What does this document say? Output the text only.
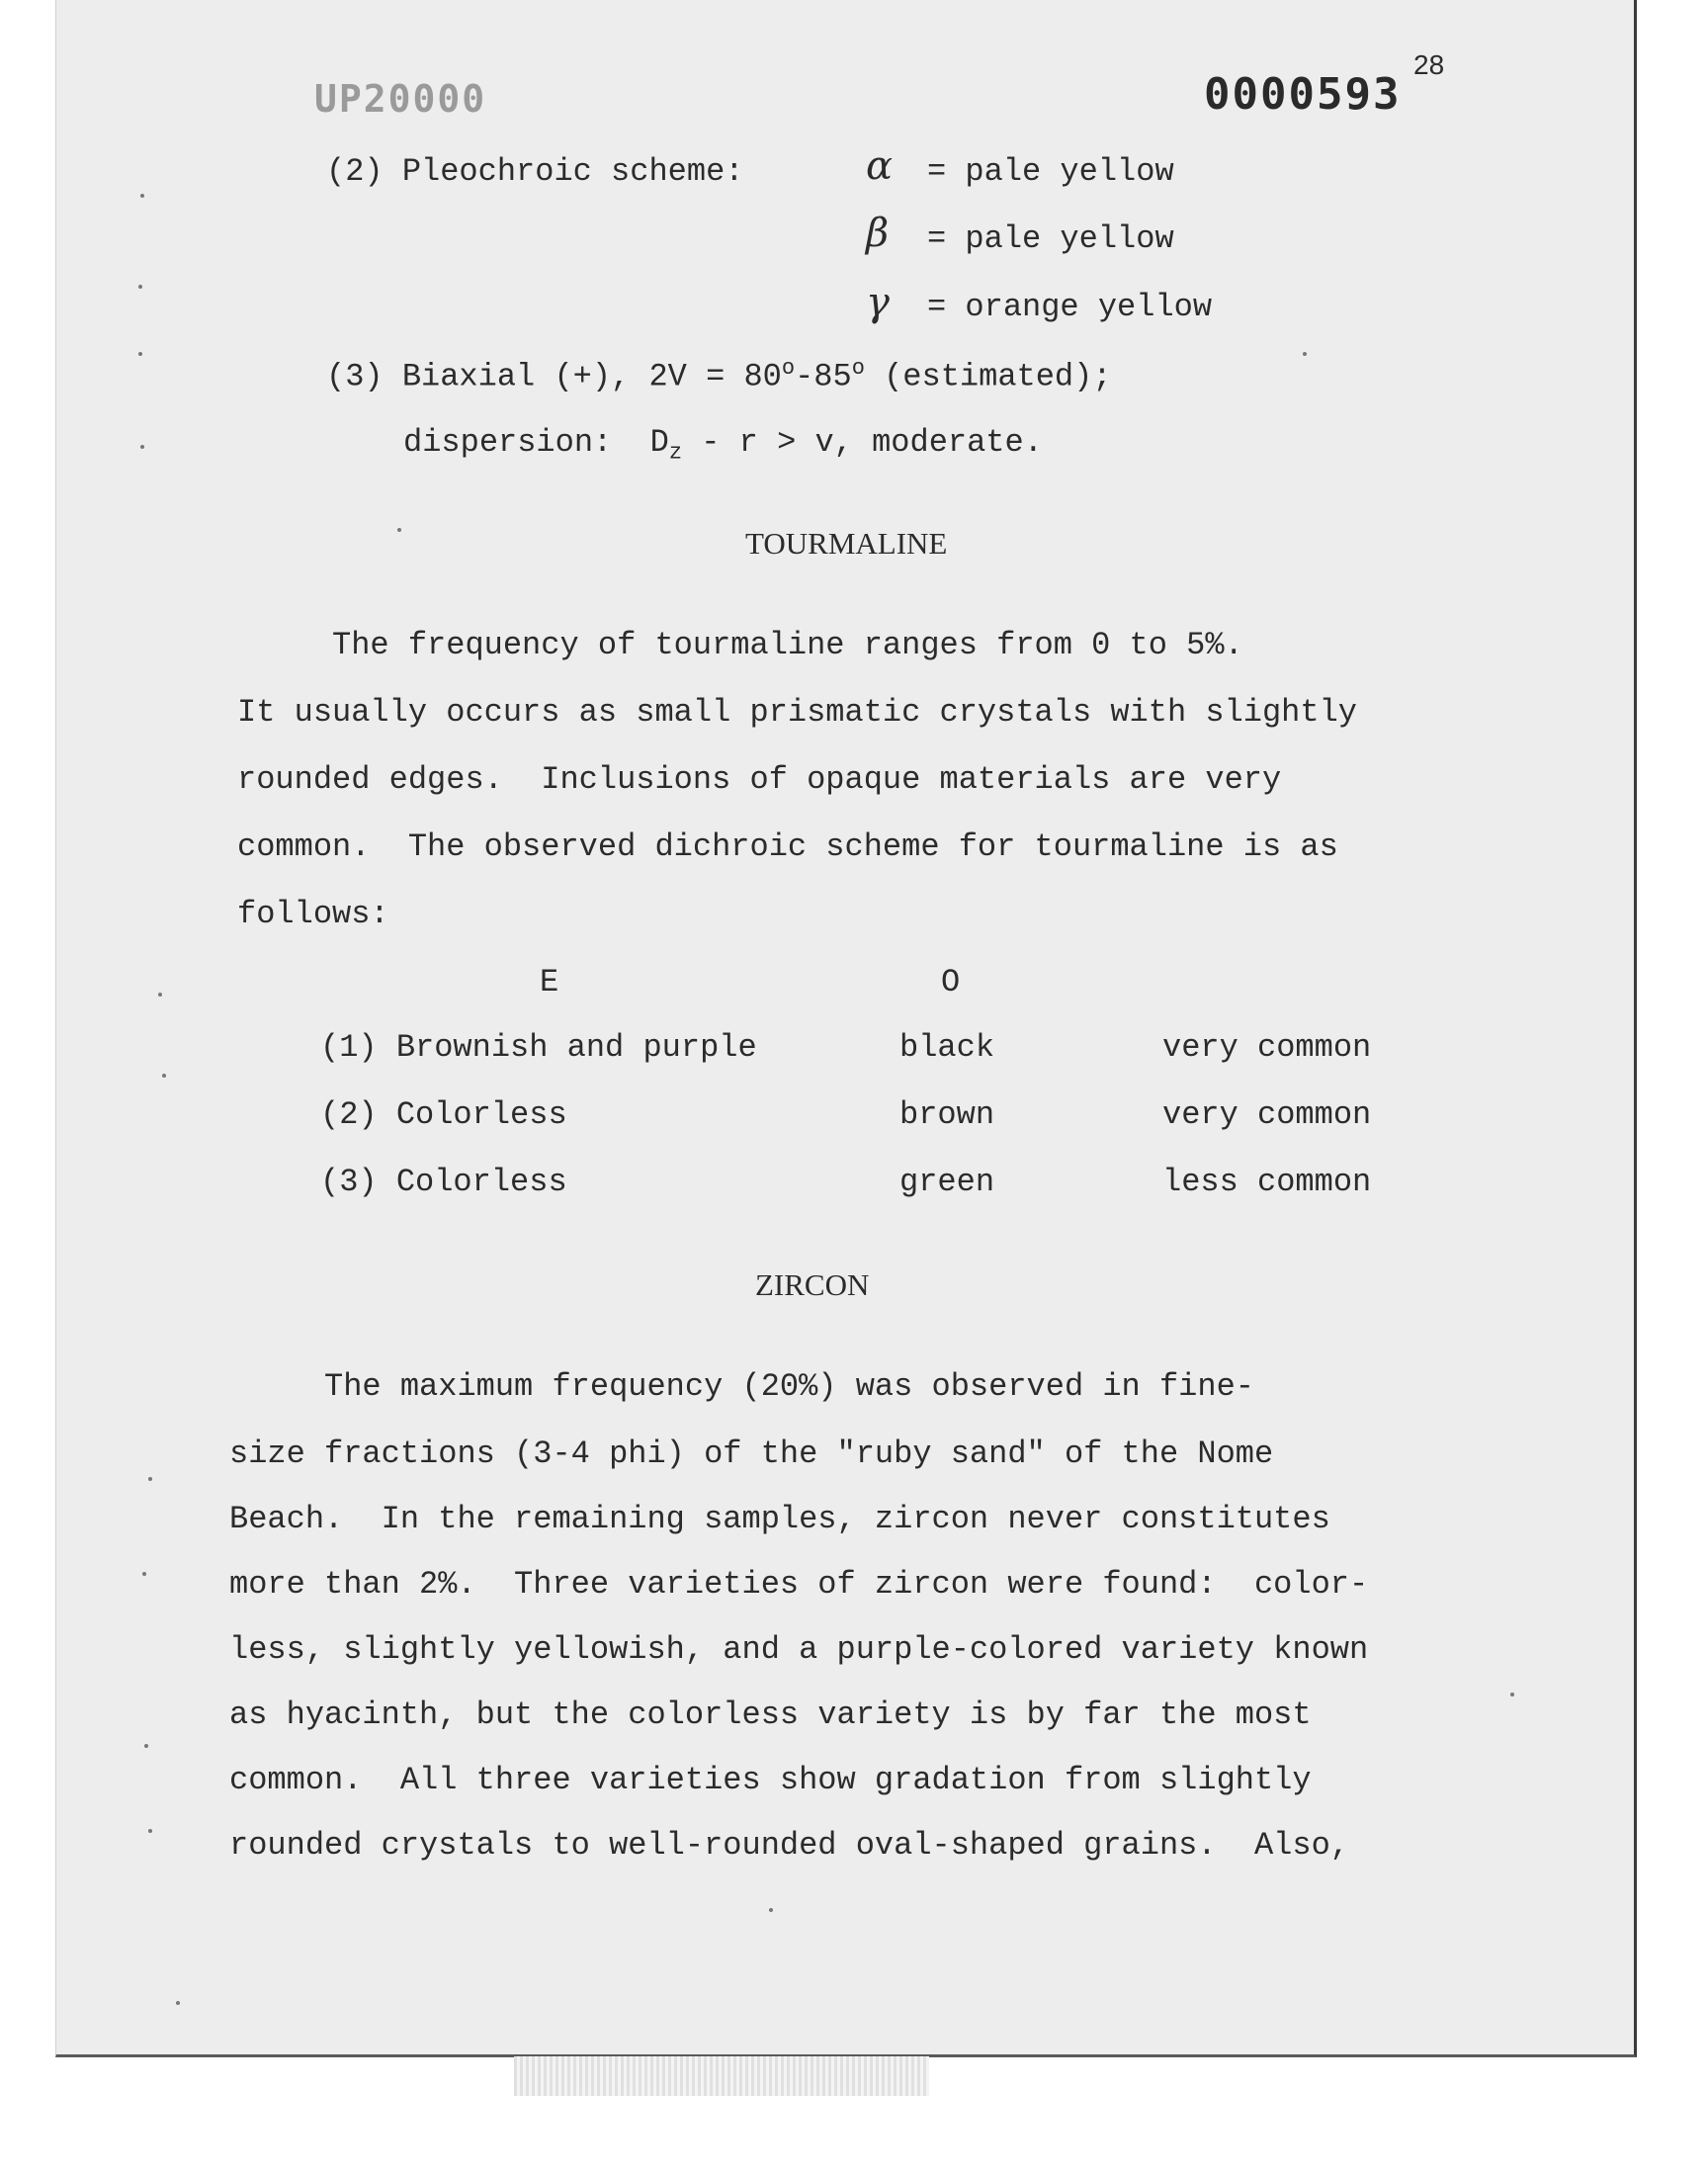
UP20000	0000593
28
(2) Pleochroic scheme:	α = pale yellow
β = pale yellow
γ = orange yellow
(3) Biaxial (+), $2V = 80^o-85^o$ (estimated);
dispersion:  $D_z - r > v$, moderate.
TOURMALINE
The frequency of tourmaline ranges from 0 to 5%.
It usually occurs as small prismatic crystals with slightly
rounded edges.  Inclusions of opaque materials are very
common.  The observed dichroic scheme for tourmaline is as
follows:
E	O
(1) Brownish and purple	black	very common
(2) Colorless	brown	very common
(3) Colorless	green	less common
ZIRCON
The maximum frequency (20%) was observed in fine-
size fractions (3-4 phi) of the "ruby sand" of the Nome
Beach.  In the remaining samples, zircon never constitutes
more than 2%.  Three varieties of zircon were found:  color-
less, slightly yellowish, and a purple-colored variety known
as hyacinth, but the colorless variety is by far the most
common.  All three varieties show gradation from slightly
rounded crystals to well-rounded oval-shaped grains.  Also,
